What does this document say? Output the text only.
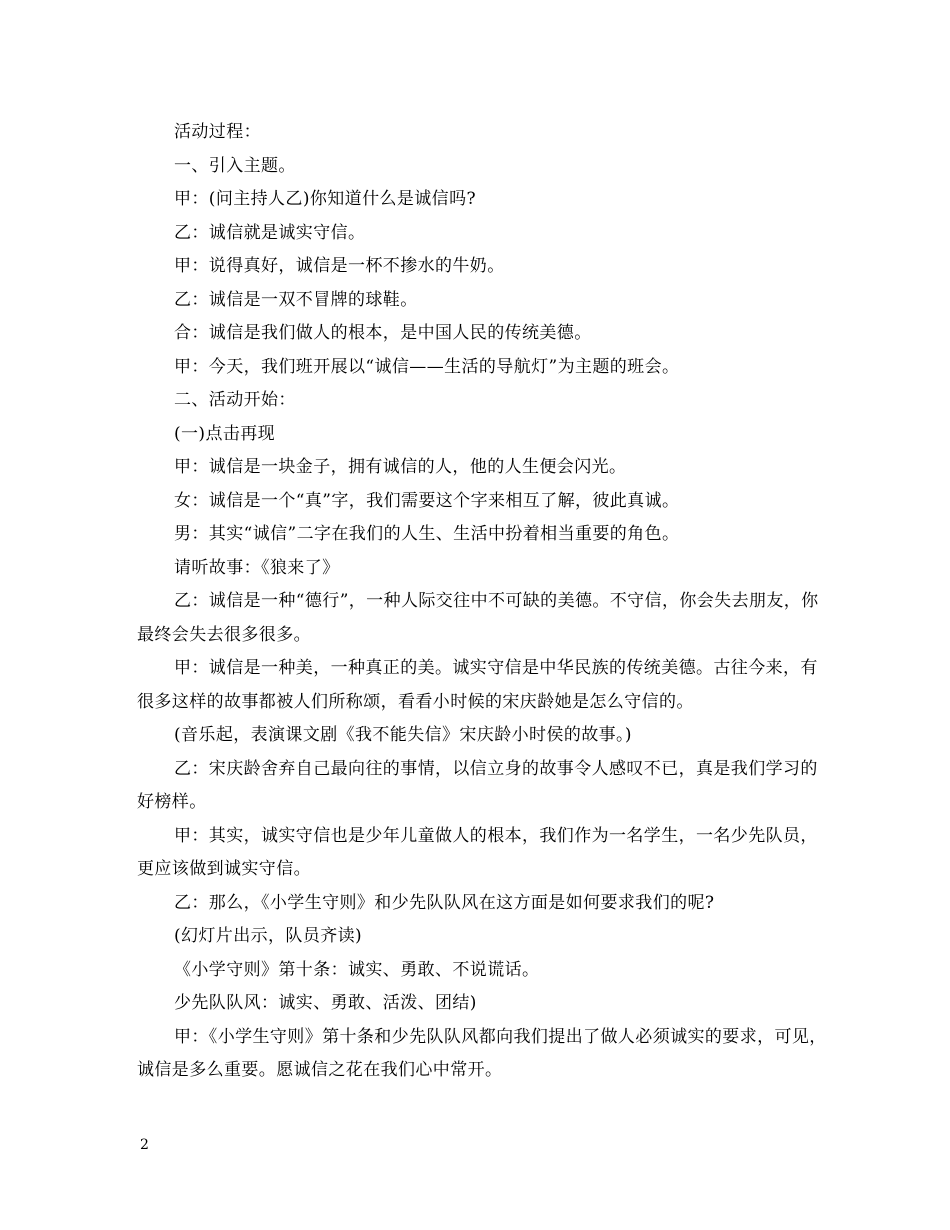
活动过程：

一、引入主题。

甲：(问主持人乙)你知道什么是诚信吗?

乙：诚信就是诚实守信。

甲：说得真好，诚信是一杯不掺水的牛奶。

乙：诚信是一双不冒牌的球鞋。

合：诚信是我们做人的根本，是中国人民的传统美德。

甲：今天，我们班开展以“诚信——生活的导航灯”为主题的班会。

二、活动开始：

(一)点击再现

甲：诚信是一块金子，拥有诚信的人，他的人生便会闪光。

女：诚信是一个“真”字，我们需要这个字来相互了解，彼此真诚。

男：其实“诚信”二字在我们的人生、生活中扮着相当重要的角色。

请听故事：《狼来了》

乙：诚信是一种“德行”，一种人际交往中不可缺的美德。不守信，你会失去朋友，你最终会失去很多很多。

甲：诚信是一种美，一种真正的美。诚实守信是中华民族的传统美德。古往今来，有很多这样的故事都被人们所称颂，看看小时候的宋庆龄她是怎么守信的。

(音乐起，表演课文剧《我不能失信》宋庆龄小时侯的故事。)

乙：宋庆龄舍弃自己最向往的事情，以信立身的故事令人感叹不已，真是我们学习的好榜样。

甲：其实，诚实守信也是少年儿童做人的根本，我们作为一名学生，一名少先队员，更应该做到诚实守信。

乙：那么，《小学生守则》和少先队队风在这方面是如何要求我们的呢?

(幻灯片出示，队员齐读)

《小学守则》第十条：诚实、勇敢、不说谎话。

少先队队风：诚实、勇敢、活泼、团结)

甲：《小学生守则》第十条和少先队队风都向我们提出了做人必须诚实的要求，可见，诚信是多么重要。愿诚信之花在我们心中常开。

2
